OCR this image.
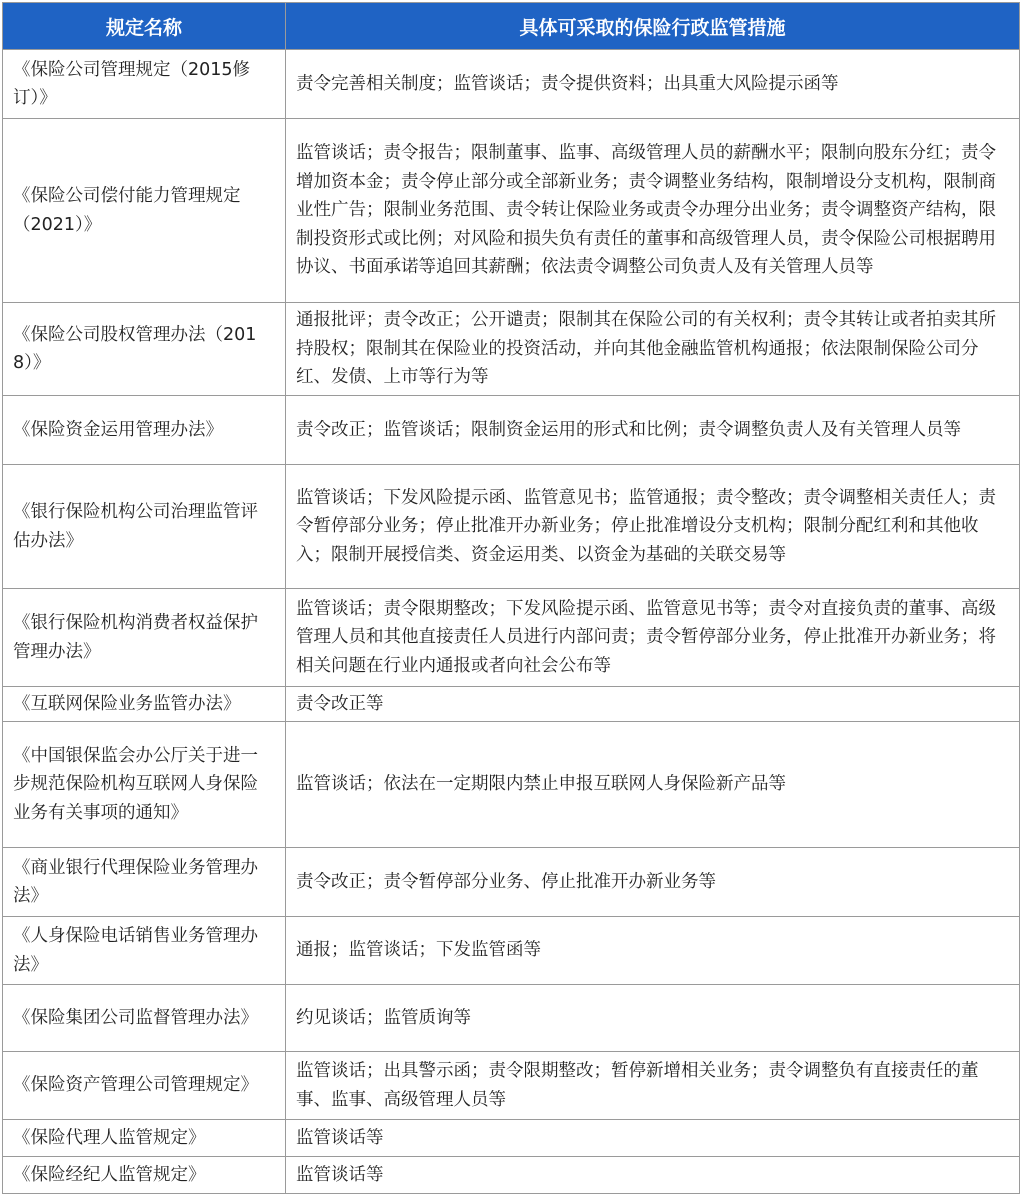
规定名称	具体可采取的保险行政监管措施
《保险公司管理规定（2015修订）》	责令完善相关制度；监管谈话；责令提供资料；出具重大风险提示函等
《保险公司偿付能力管理规定（2021）》	监管谈话；责令报告；限制董事、监事、高级管理人员的薪酬水平；限制向股东分红；责令增加资本金；责令停止部分或全部新业务；责令调整业务结构，限制增设分支机构，限制商业性广告；限制业务范围、责令转让保险业务或责令办理分出业务；责令调整资产结构，限制投资形式或比例；对风险和损失负有责任的董事和高级管理人员，责令保险公司根据聘用协议、书面承诺等追回其薪酬；依法责令调整公司负责人及有关管理人员等
《保险公司股权管理办法（2018）》	通报批评；责令改正；公开谴责；限制其在保险公司的有关权利；责令其转让或者拍卖其所持股权；限制其在保险业的投资活动，并向其他金融监管机构通报；依法限制保险公司分红、发债、上市等行为等
《保险资金运用管理办法》	责令改正；监管谈话；限制资金运用的形式和比例；责令调整负责人及有关管理人员等
《银行保险机构公司治理监管评估办法》	监管谈话；下发风险提示函、监管意见书；监管通报；责令整改；责令调整相关责任人；责令暂停部分业务；停止批准开办新业务；停止批准增设分支机构；限制分配红利和其他收入；限制开展授信类、资金运用类、以资金为基础的关联交易等
《银行保险机构消费者权益保护管理办法》	监管谈话；责令限期整改；下发风险提示函、监管意见书等；责令对直接负责的董事、高级管理人员和其他直接责任人员进行内部问责；责令暂停部分业务，停止批准开办新业务；将相关问题在行业内通报或者向社会公布等
《互联网保险业务监管办法》	责令改正等
《中国银保监会办公厅关于进一步规范保险机构互联网人身保险业务有关事项的通知》	监管谈话；依法在一定期限内禁止申报互联网人身保险新产品等
《商业银行代理保险业务管理办法》	责令改正；责令暂停部分业务、停止批准开办新业务等
《人身保险电话销售业务管理办法》	通报；监管谈话；下发监管函等
《保险集团公司监督管理办法》	约见谈话；监管质询等
《保险资产管理公司管理规定》	监管谈话；出具警示函；责令限期整改；暂停新增相关业务；责令调整负有直接责任的董事、监事、高级管理人员等
《保险代理人监管规定》	监管谈话等
《保险经纪人监管规定》	监管谈话等
